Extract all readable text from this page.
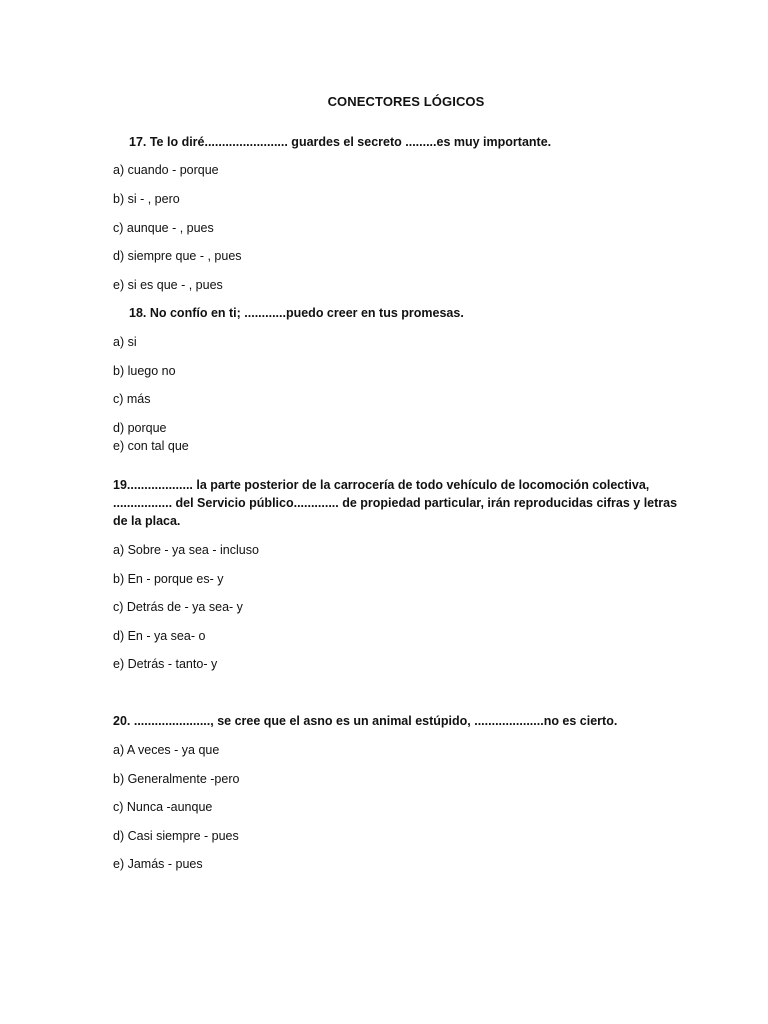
CONECTORES LÓGICOS
17. Te lo diré........................ guardes el secreto .........es muy importante.
a) cuando - porque
b) si - , pero
c) aunque - , pues
d) siempre que - , pues
e) si es que - , pues
18. No confío en ti; ............puedo creer en tus promesas.
a) si
b) luego no
c) más
d) porque
e) con tal que
19................... la parte posterior de la carrocería de todo vehículo de locomoción colectiva,
................. del Servicio público............. de propiedad particular, irán reproducidas cifras y letras
de la placa.
a) Sobre - ya sea - incluso
b) En - porque es- y
c) Detrás de - ya sea- y
d) En - ya sea- o
e) Detrás - tanto- y
20. ......................, se cree que el asno es un animal estúpido, ....................no es cierto.
a) A veces - ya que
b) Generalmente -pero
c) Nunca -aunque
d) Casi siempre - pues
e) Jamás - pues
